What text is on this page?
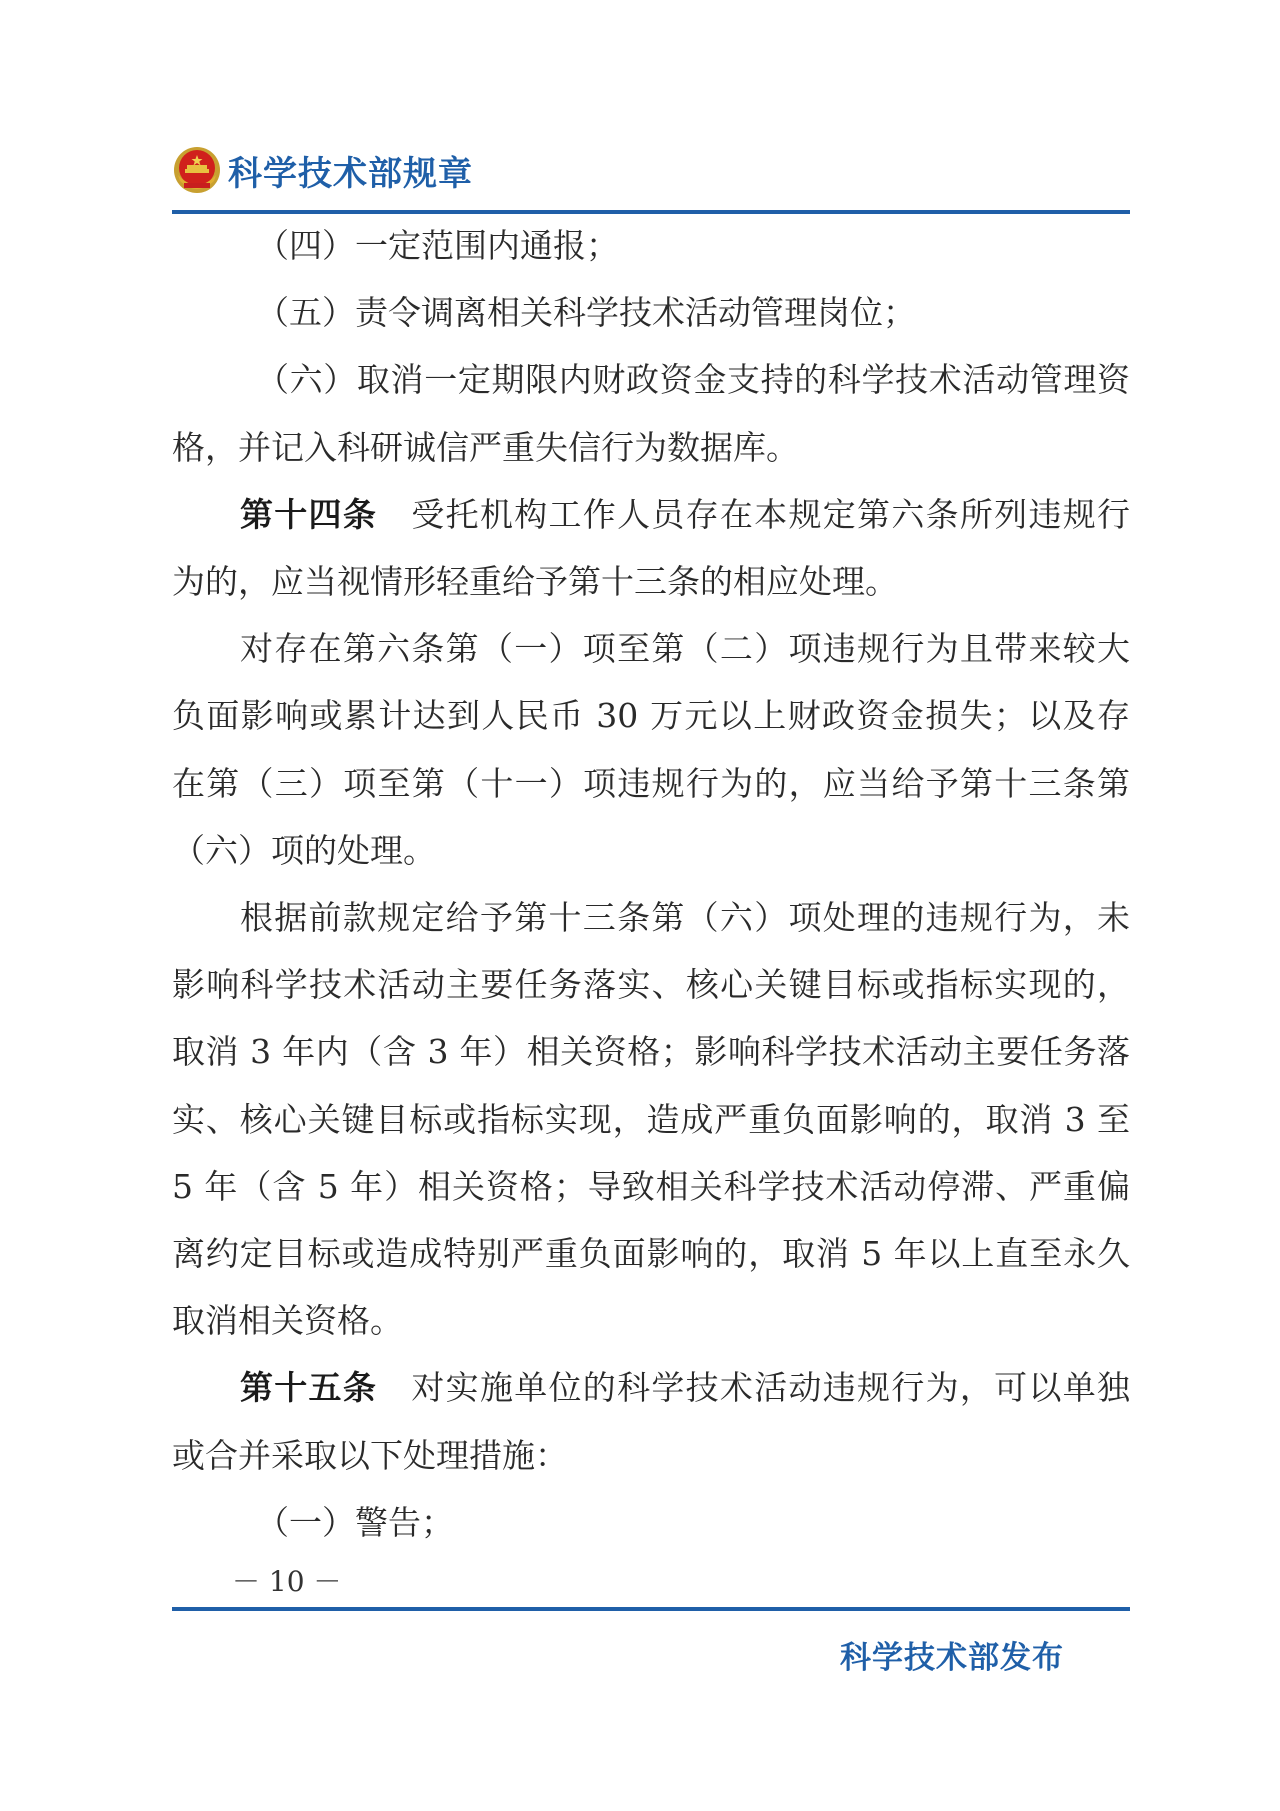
科学技术部规章
（四）一定范围内通报；
（五）责令调离相关科学技术活动管理岗位；
（六）取消一定期限内财政资金支持的科学技术活动管理资
格，并记入科研诚信严重失信行为数据库。
第十四条　 受托机构工作人员存在本规定第六条所列违规行
为的，应当视情形轻重给予第十三条的相应处理。
对存在第六条第（一）项至第（二）项违规行为且带来较大
负面影响或累计达到人民币 30 万元以上财政资金损失；以及存
在第（三）项至第（十一）项违规行为的，应当给予第十三条第
（六）项的处理。
根据前款规定给予第十三条第（六）项处理的违规行为，未
影响科学技术活动主要任务落实、核心关键目标或指标实现的，
取消 3 年内（含 3 年）相关资格；影响科学技术活动主要任务落
实、核心关键目标或指标实现，造成严重负面影响的，取消 3 至
5 年（含 5 年）相关资格；导致相关科学技术活动停滞、严重偏
离约定目标或造成特别严重负面影响的，取消 5 年以上直至永久
取消相关资格。
第十五条　 对实施单位的科学技术活动违规行为，可以单独
或合并采取以下处理措施：
（一）警告；
－ 10 －
科学技术部发布
